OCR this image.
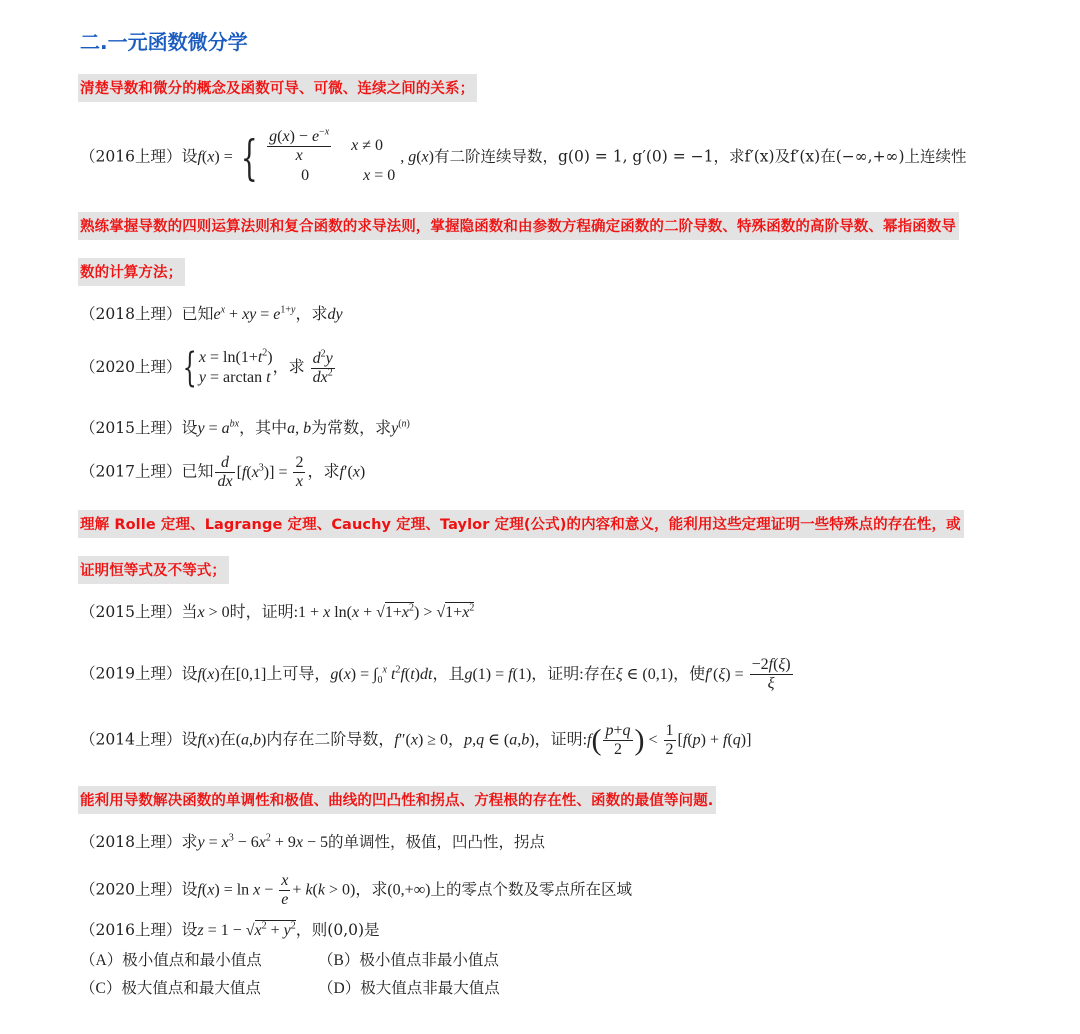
二.一元函数微分学
清楚导数和微分的概念及函数可导、可微、连续之间的关系；
（2016上理）设f(x) = { $\frac{g(x) - e^{-x}}{x}$ x ≠ 0
0	x = 0 , g(x)有二阶连续导数，g(0) = 1, g′(0) = −1，求f′(x)及f′(x)在(−∞,+∞)上连续性
熟练掌握导数的四则运算法则和复合函数的求导法则，掌握隐函数和由参数方程确定函数的二阶导数、特殊函数的高阶导数、幂指函数导
数的计算方法；
（2018上理）已知$e^x$ + xy = $e^{1+y}$，求dy
（2020上理）{ $x = \ln(1+t^2)$
y = arctan t，求 $\frac{d^2y}{dx^2}$
（2015上理）设$y = a^{bx}$，其中a, b为常数，求$y^{(n)}$
（2017上理）已知 $\frac{d}{dx} [f(x^3)] = \frac{2}{x}$ ，求f′(x)
理解 Rolle 定理、Lagrange 定理、Cauchy 定理、Taylor 定理(公式)的内容和意义，能利用这些定理证明一些特殊点的存在性，或
证明恒等式及不等式；
（2015上理）当x > 0时，证明:1 + x $\ln(x + √1+x^2) > √1+x^2$
（2019上理）设f(x)在[0,1]上可导，$g(x) = \int_0^x$ $t^2f(t)dt$，且g(1) = f(1)，证明:存在ξ ∈ (0,1)，使$f'(\xi) = \frac{-2f(\xi)}{\xi}$
（2014上理）设f(x)在(a,b)内存在二阶导数，f″(x) ≥ 0，p,q ∈ (a,b)，证明:f( $\frac{p+q}{2}$ ) < $\frac{1}{2} [f(p) + f(q)]$
能利用导数解决函数的单调性和极值、曲线的凹凸性和拐点、方程根的存在性、函数的最值等问题.
（2018上理）求$y = x^3 - 6x^2 + 9x - 5$的单调性，极值，凹凸性，拐点
（2020上理）设$f(x) = \ln x - \frac{x}{e} + k(k > 0)$，求(0,+∞)上的零点个数及零点所在区域
（2016上理）设$z = 1 - √x^2 + y^2$，则(0,0)是
（A）极小值点和最小值点	（B）极小值点非最小值点
（C）极大值点和最大值点	（D）极大值点非最大值点
